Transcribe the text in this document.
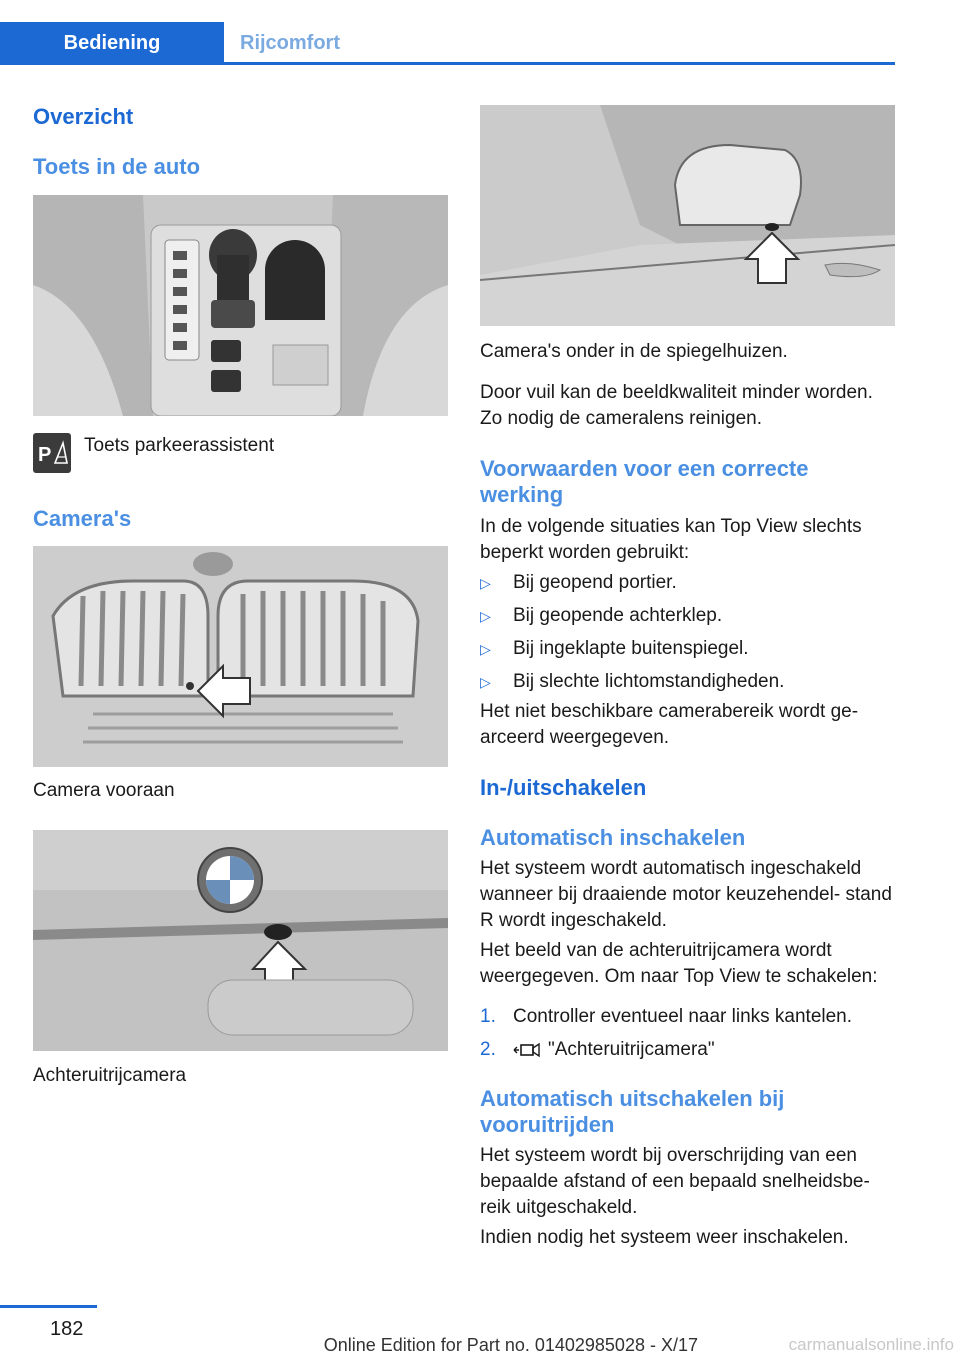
Bediening	Rijcomfort
Overzicht
Toets in de auto
P Toets parkeerassistent
Camera's
Camera vooraan
Achteruitrijcamera
Camera's onder in de spiegelhuizen.
Door vuil kan de beeldkwaliteit minder worden. Zo nodig de cameralens reinigen.
Voorwaarden voor een correcte werking
In de volgende situaties kan Top View slechts beperkt worden gebruikt:
▷ Bij geopend portier.
▷ Bij geopende achterklep.
▷ Bij ingeklapte buitenspiegel.
▷ Bij slechte lichtomstandigheden.
Het niet beschikbare camerabereik wordt ge‐ arceerd weergegeven.
In-/uitschakelen
Automatisch inschakelen
Het systeem wordt automatisch ingeschakeld wanneer bij draaiende motor keuzehendel‐ stand R wordt ingeschakeld.
Het beeld van de achteruitrijcamera wordt weergegeven. Om naar Top View te schakelen:
1. Controller eventueel naar links kantelen.
2.	"Achteruitrijcamera"
Automatisch uitschakelen bij vooruitrijden
Het systeem wordt bij overschrijding van een bepaalde afstand of een bepaald snelheidsbe‐ reik uitgeschakeld.
Indien nodig het systeem weer inschakelen.
182
Online Edition for Part no. 01402985028 - X/17	carmanualsonline.info
